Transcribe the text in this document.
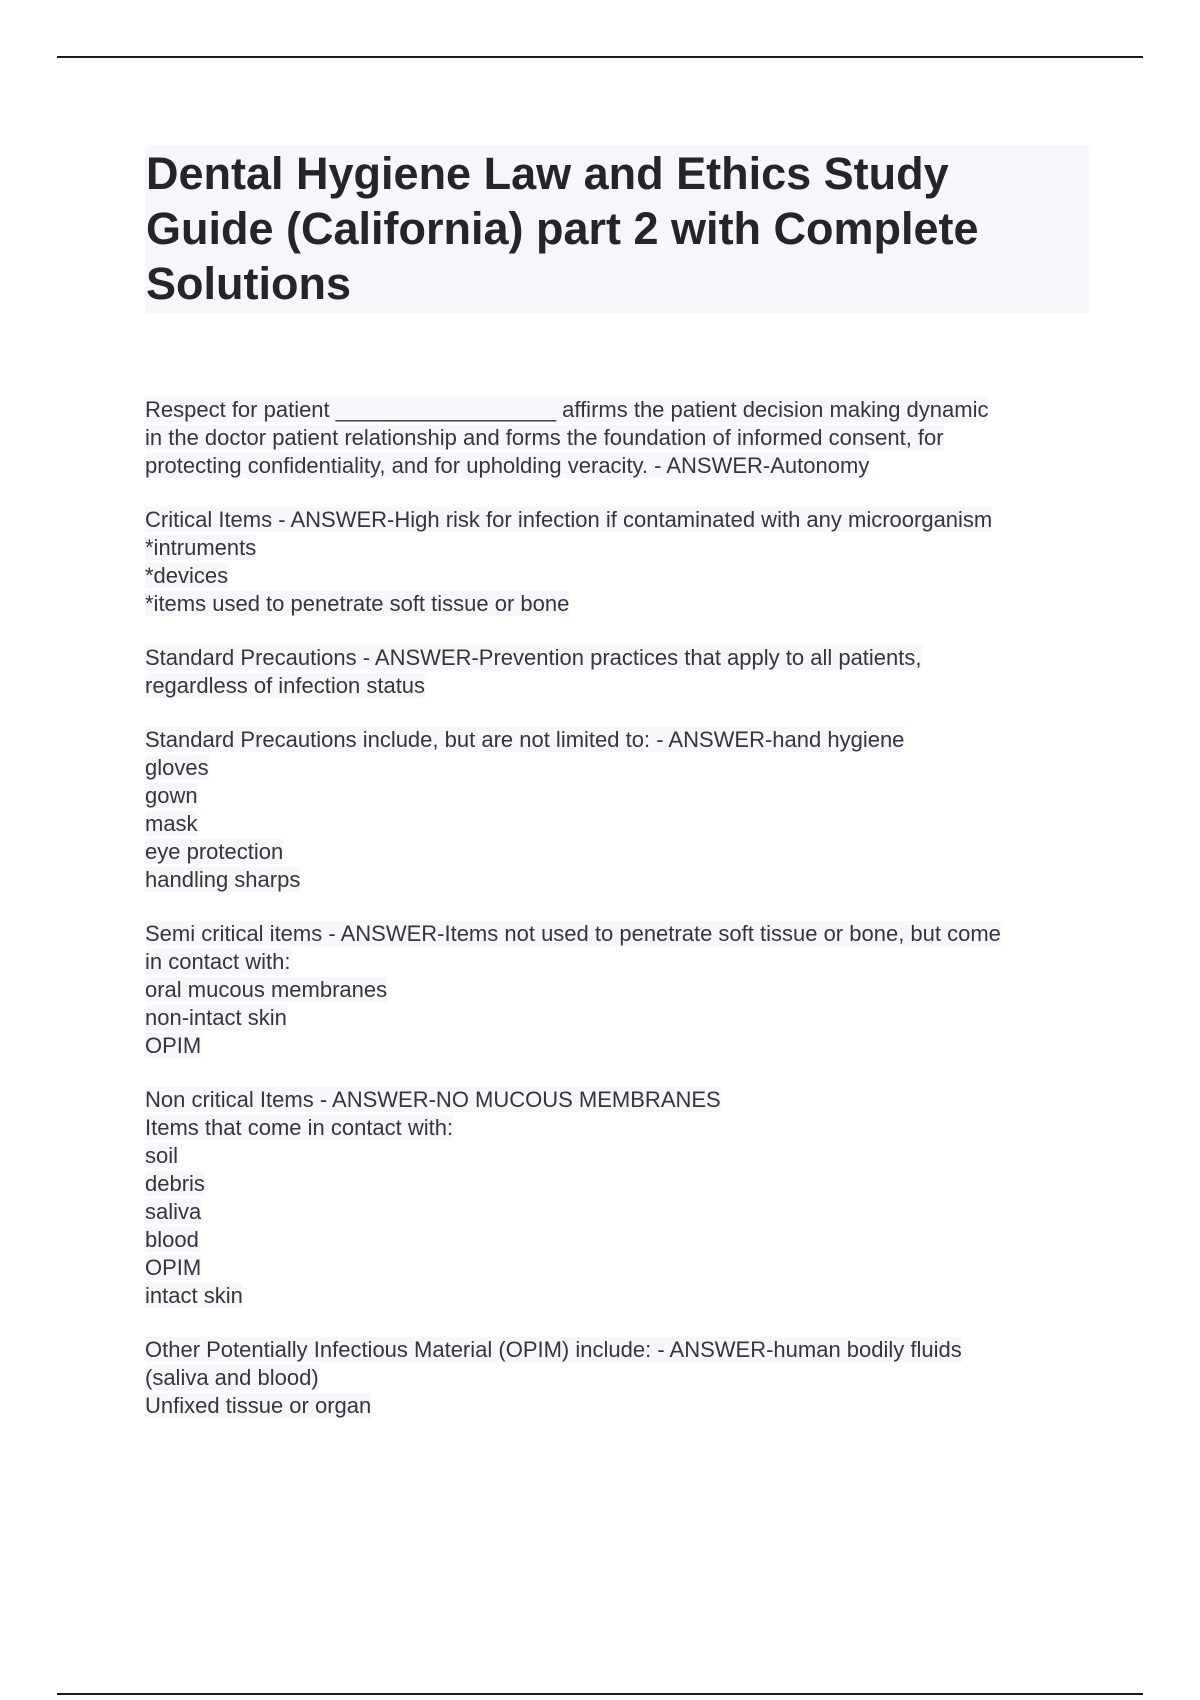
Dental Hygiene Law and Ethics Study
Guide (California) part 2 with Complete
Solutions
Respect for patient __________________ affirms the patient decision making dynamic
in the doctor patient relationship and forms the foundation of informed consent, for
protecting confidentiality, and for upholding veracity. - ANSWER-Autonomy
Critical Items - ANSWER-High risk for infection if contaminated with any microorganism
*intruments
*devices
*items used to penetrate soft tissue or bone
Standard Precautions - ANSWER-Prevention practices that apply to all patients,
regardless of infection status
Standard Precautions include, but are not limited to: - ANSWER-hand hygiene
gloves
gown
mask
eye protection
handling sharps
Semi critical items - ANSWER-Items not used to penetrate soft tissue or bone, but come
in contact with:
oral mucous membranes
non-intact skin
OPIM
Non critical Items - ANSWER-NO MUCOUS MEMBRANES
Items that come in contact with:
soil
debris
saliva
blood
OPIM
intact skin
Other Potentially Infectious Material (OPIM) include: - ANSWER-human bodily fluids
(saliva and blood)
Unfixed tissue or organ
